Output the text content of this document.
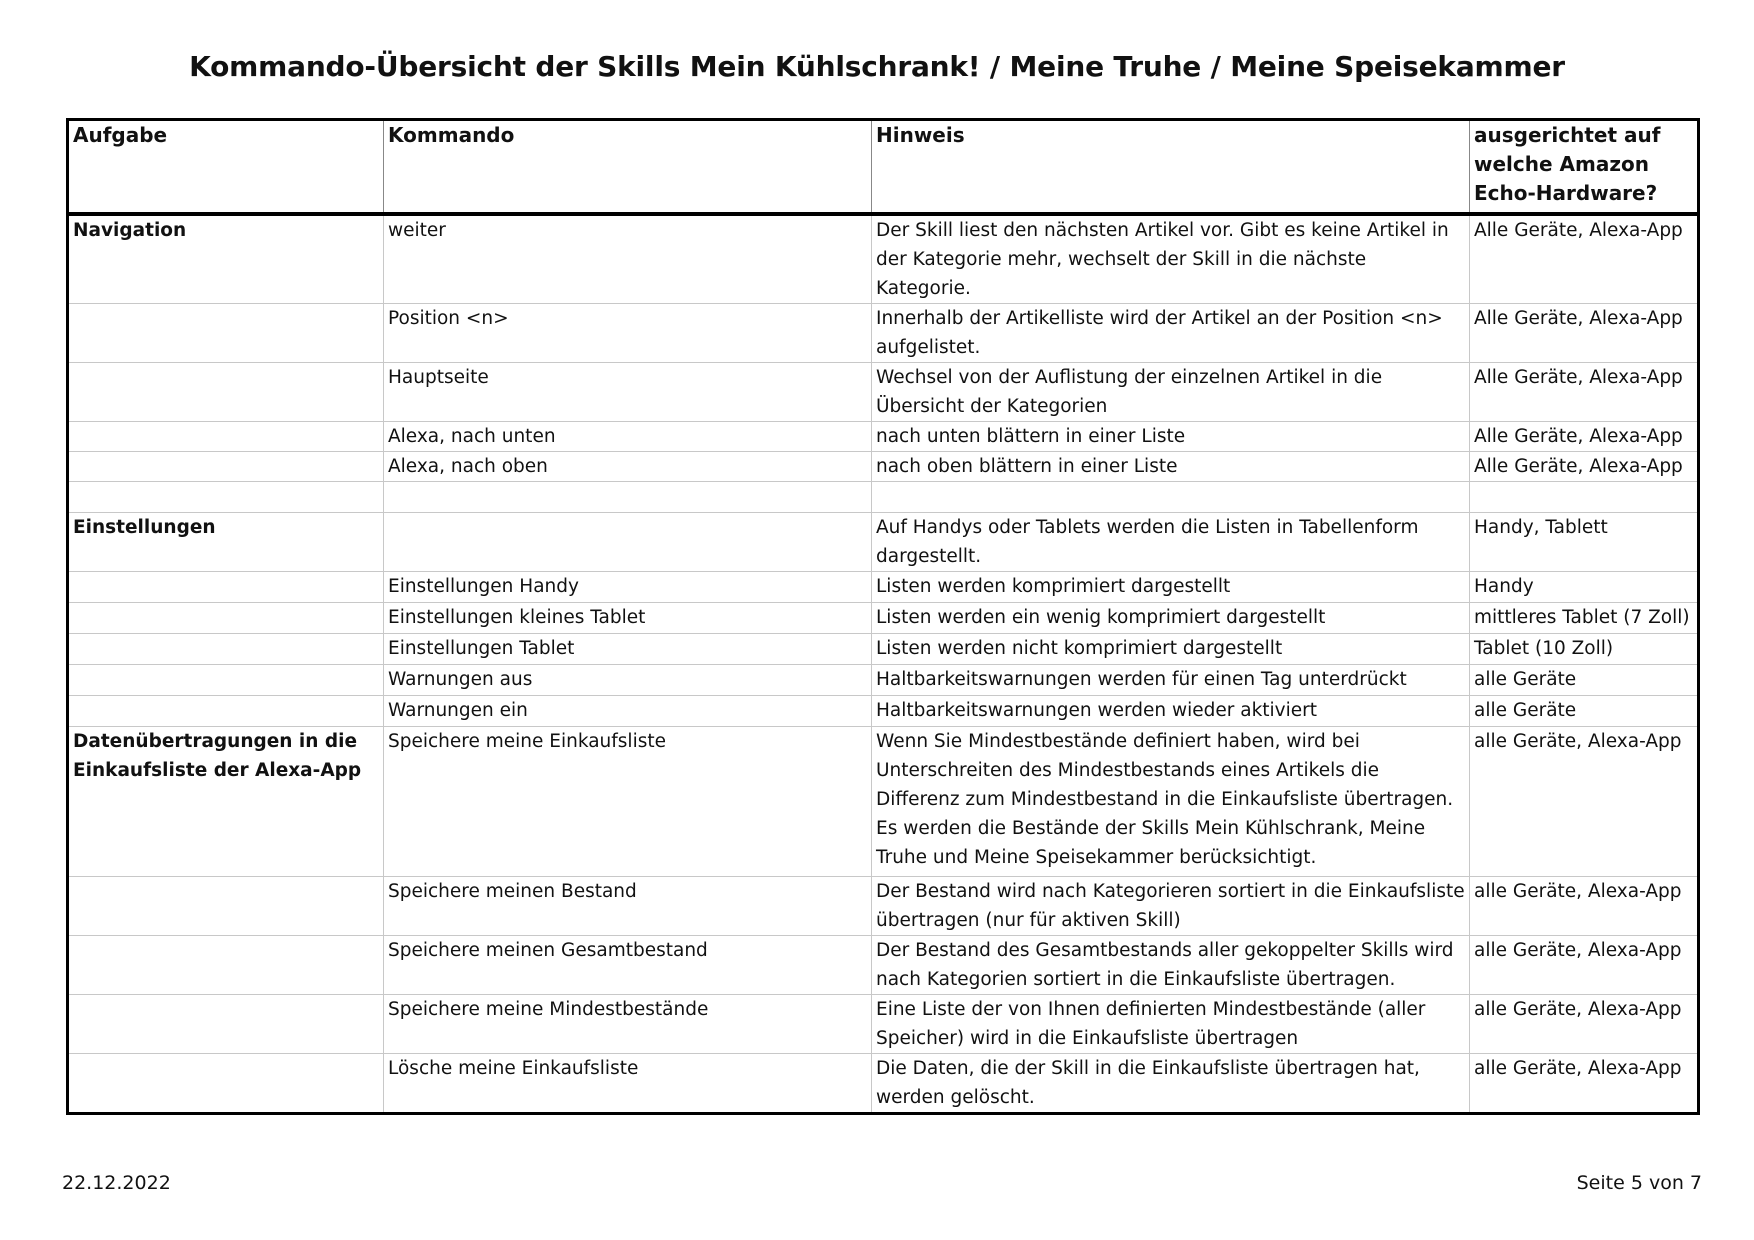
Kommando-Übersicht der Skills Mein Kühlschrank! / Meine Truhe / Meine Speisekammer
Aufgabe	Kommando	Hinweis	ausgerichtet auf welche Amazon Echo-Hardware?
Navigation	weiter	Der Skill liest den nächsten Artikel vor. Gibt es keine Artikel in der Kategorie mehr, wechselt der Skill in die nächste Kategorie.	Alle Geräte, Alexa-App
	Position <n>	Innerhalb der Artikelliste wird der Artikel an der Position <n> aufgelistet.	Alle Geräte, Alexa-App
	Hauptseite	Wechsel von der Auflistung der einzelnen Artikel in die Übersicht der Kategorien	Alle Geräte, Alexa-App
	Alexa, nach unten	nach unten blättern in einer Liste	Alle Geräte, Alexa-App
	Alexa, nach oben	nach oben blättern in einer Liste	Alle Geräte, Alexa-App

Einstellungen		Auf Handys oder Tablets werden die Listen in Tabellenform dargestellt.	Handy, Tablett
	Einstellungen Handy	Listen werden komprimiert dargestellt	Handy
	Einstellungen kleines Tablet	Listen werden ein wenig komprimiert dargestellt	mittleres Tablet (7 Zoll)
	Einstellungen Tablet	Listen werden nicht komprimiert dargestellt	Tablet (10 Zoll)
	Warnungen aus	Haltbarkeitswarnungen werden für einen Tag unterdrückt	alle Geräte
	Warnungen ein	Haltbarkeitswarnungen werden wieder aktiviert	alle Geräte
Datenübertragungen in die Einkaufsliste der Alexa-App	Speichere meine Einkaufsliste	Wenn Sie Mindestbestände definiert haben, wird bei Unterschreiten des Mindestbestands eines Artikels die Differenz zum Mindestbestand in die Einkaufsliste übertragen. Es werden die Bestände der Skills Mein Kühlschrank, Meine Truhe und Meine Speisekammer berücksichtigt.	alle Geräte, Alexa-App
	Speichere meinen Bestand	Der Bestand wird nach Kategorieren sortiert in die Einkaufsliste übertragen (nur für aktiven Skill)	alle Geräte, Alexa-App
	Speichere meinen Gesamtbestand	Der Bestand des Gesamtbestands aller gekoppelter Skills wird nach Kategorien sortiert in die Einkaufsliste übertragen.	alle Geräte, Alexa-App
	Speichere meine Mindestbestände	Eine Liste der von Ihnen definierten Mindestbestände (aller Speicher) wird in die Einkaufsliste übertragen	alle Geräte, Alexa-App
	Lösche meine Einkaufsliste	Die Daten, die der Skill in die Einkaufsliste übertragen hat, werden gelöscht.	alle Geräte, Alexa-App
22.12.2022	Seite 5 von 7
